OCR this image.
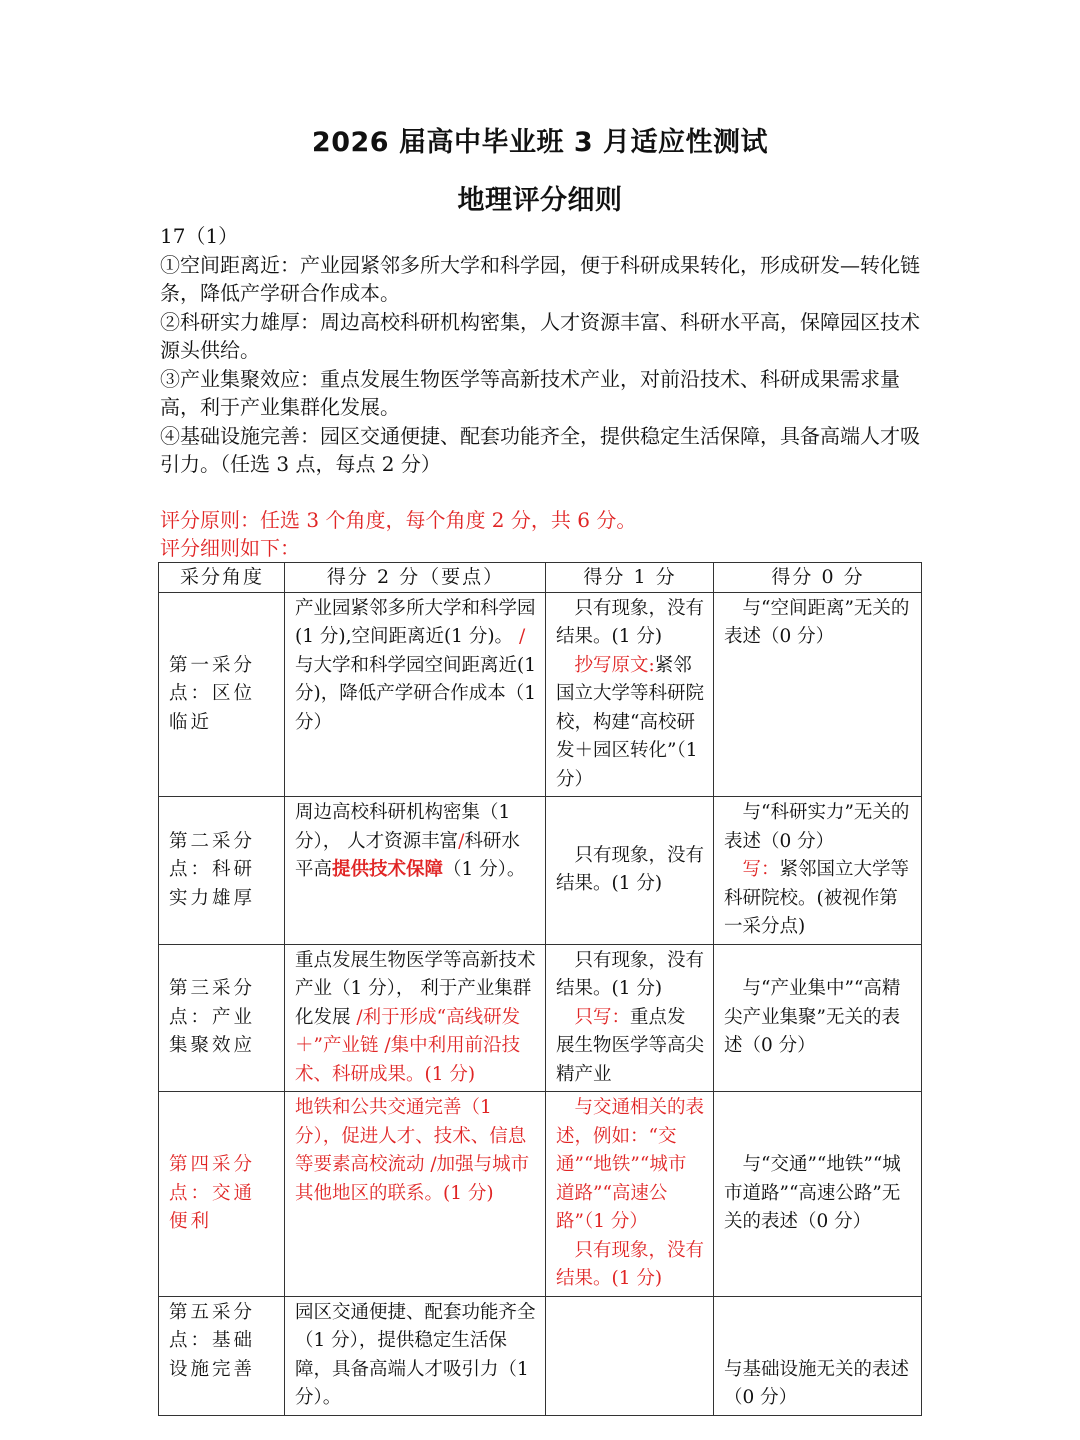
2026 届高中毕业班 3 月适应性测试
地理评分细则
17（1）
①空间距离近：产业园紧邻多所大学和科学园，便于科研成果转化，形成研发—转化链条，降低产学研合作成本。
②科研实力雄厚：周边高校科研机构密集，人才资源丰富、科研水平高，保障园区技术源头供给。
③产业集聚效应：重点发展生物医学等高新技术产业，对前沿技术、科研成果需求量高，利于产业集群化发展。
④基础设施完善：园区交通便捷、配套功能齐全，提供稳定生活保障，具备高端人才吸引力。（任选 3 点，每点 2 分）
评分原则：任选 3 个角度，每个角度 2 分，共 6 分。
评分细则如下：
采分角度	得分 2 分（要点）	得分 1 分	得分 0 分
第一采分点：区位临近	产业园紧邻多所大学和科学园(1 分),空间距离近(1 分)。 / 与大学和科学园空间距离近(1 分)，降低产学研合作成本（1 分）	只有现象，没有结果。(1 分)
抄写原文:紧邻国立大学等科研院校，构建“高校研发＋园区转化”（1 分）	与“空间距离”无关的表述（0 分）

第二采分点：科研实力雄厚	周边高校科研机构密集（1 分）， 人才资源丰富/科研水平高提供技术保障（1 分）。	只有现象，没有结果。(1 分)	与“科研实力”无关的表述（0 分）
写：紧邻国立大学等科研院校。(被视作第一采分点)

第三采分点：产业集聚效应	重点发展生物医学等高新技术产业（1 分）， 利于产业集群化发展 /利于形成“高线研发＋”产业链 /集中利用前沿技术、科研成果。(1 分)	只有现象，没有结果。(1 分)
只写：重点发展生物医学等高尖精产业	与“产业集中”“高精尖产业集聚”无关的表述（0 分）

第四采分点：交通便利	地铁和公共交通完善（1 分），促进人才、技术、信息等要素高校流动 /加强与城市其他地区的联系。(1 分)	与交通相关的表述，例如：“交通”“地铁”“城市道路”“高速公路”（1 分）
只有现象，没有结果。(1 分)	与“交通”“地铁”“城市道路”“高速公路”无关的表述（0 分）

第五采分点：基础设施完善	园区交通便捷、配套功能齐全（1 分），提供稳定生活保障，具备高端人才吸引力（1 分）。		与基础设施无关的表述（0 分）
